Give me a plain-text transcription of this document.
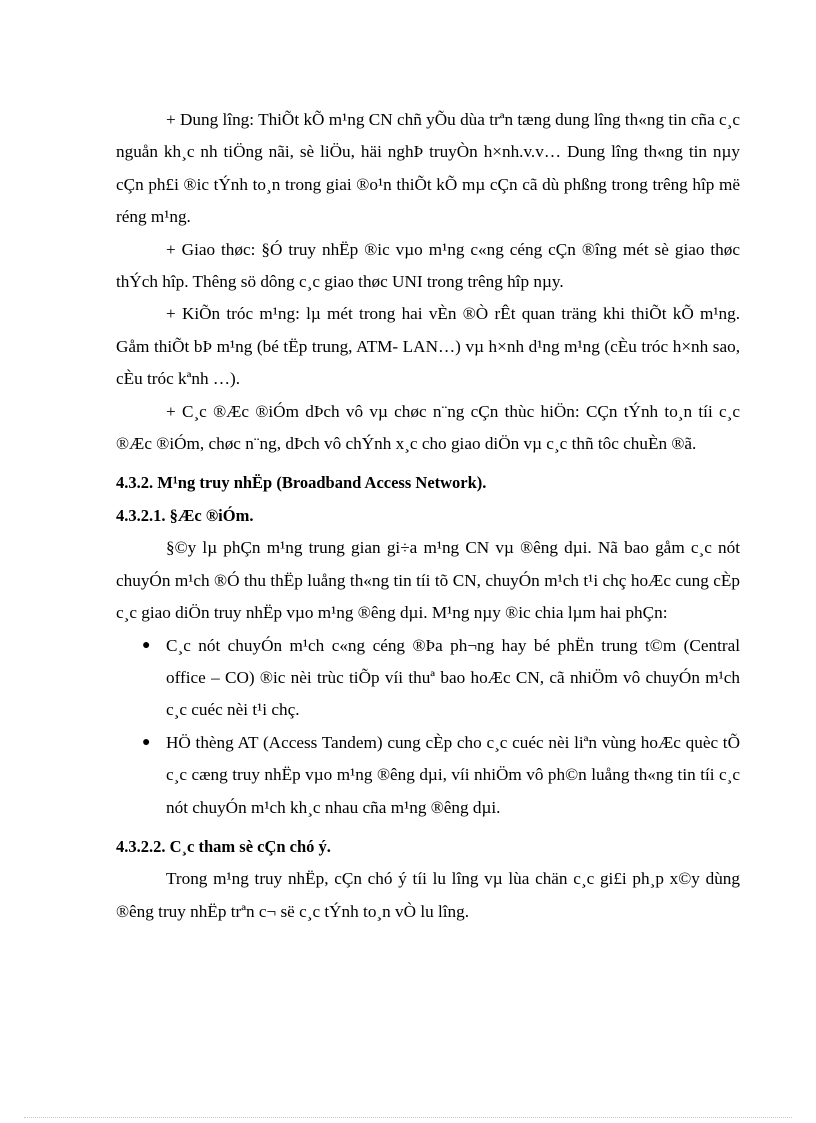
+ Dung lîng: ThiÕt kÕ m¹ng CN chñ yÕu dùa trªn tæng dung lîng th«ng tin cña c¸c nguån kh¸c nh tiÖng nãi, sè liÖu, häi nghÞ truyÒn h×nh.v.v… Dung lîng th«ng tin nµy cÇn ph£i ®ic tÝnh to¸n trong giai ®o¹n thiÕt kÕ mµ cÇn cã dù phßng trong trêng hîp më réng m¹ng.

+ Giao thøc: §Ó truy nhËp ®ic vµo m¹ng c«ng céng cÇn ®îng mét sè giao thøc thÝch hîp. Thêng sö dông c¸c giao thøc UNI trong trêng hîp nµy.

+ KiÕn tróc m¹ng: lµ mét trong hai vÈn ®Ò rÊt quan träng khi thiÕt kÕ m¹ng. Gåm thiÕt bÞ m¹ng (bé tËp trung, ATM- LAN…) vµ h×nh d¹ng m¹ng (cÈu tróc h×nh sao, cÈu tróc kªnh …).

+ C¸c ®Æc ®iÓm dÞch vô vµ chøc n¨ng cÇn thùc hiÖn: CÇn tÝnh to¸n tíi c¸c ®Æc ®iÓm, chøc n¨ng, dÞch vô chÝnh x¸c cho giao diÖn vµ c¸c thñ tôc chuÈn ®ã.

4.3.2. M¹ng truy nhËp (Broadband Access Network).
4.3.2.1. §Æc ®iÓm.

§©y lµ phÇn m¹ng trung gian gi÷a m¹ng CN vµ ®êng dµi. Nã bao gåm c¸c nót chuyÓn m¹ch ®Ó thu thËp luång th«ng tin tíi tõ CN, chuyÓn m¹ch t¹i chç hoÆc cung cÈp c¸c giao diÖn truy nhËp vµo m¹ng ®êng dµi. M¹ng nµy ®ic chia lµm hai phÇn:

● C¸c nót chuyÓn m¹ch c«ng céng ®Þa ph¬ng hay bé phËn trung t©m (Central office – CO) ®ic nèi trùc tiÕp víi thuª bao hoÆc CN, cã nhiÖm vô chuyÓn m¹ch c¸c cuéc nèi t¹i chç.
● HÖ thèng AT (Access Tandem) cung cÈp cho c¸c cuéc nèi liªn vùng hoÆc quèc tÕ c¸c cæng truy nhËp vµo m¹ng ®êng dµi, víi nhiÖm vô ph©n luång th«ng tin tíi c¸c nót chuyÓn m¹ch kh¸c nhau cña m¹ng ®êng dµi.
4.3.2.2. C¸c tham sè cÇn chó ý.

Trong m¹ng truy nhËp, cÇn chó ý tíi lu lîng vµ lùa chän c¸c gi£i ph¸p x©y dùng ®êng truy nhËp trªn c¬ së c¸c tÝnh to¸n vÒ lu lîng.
